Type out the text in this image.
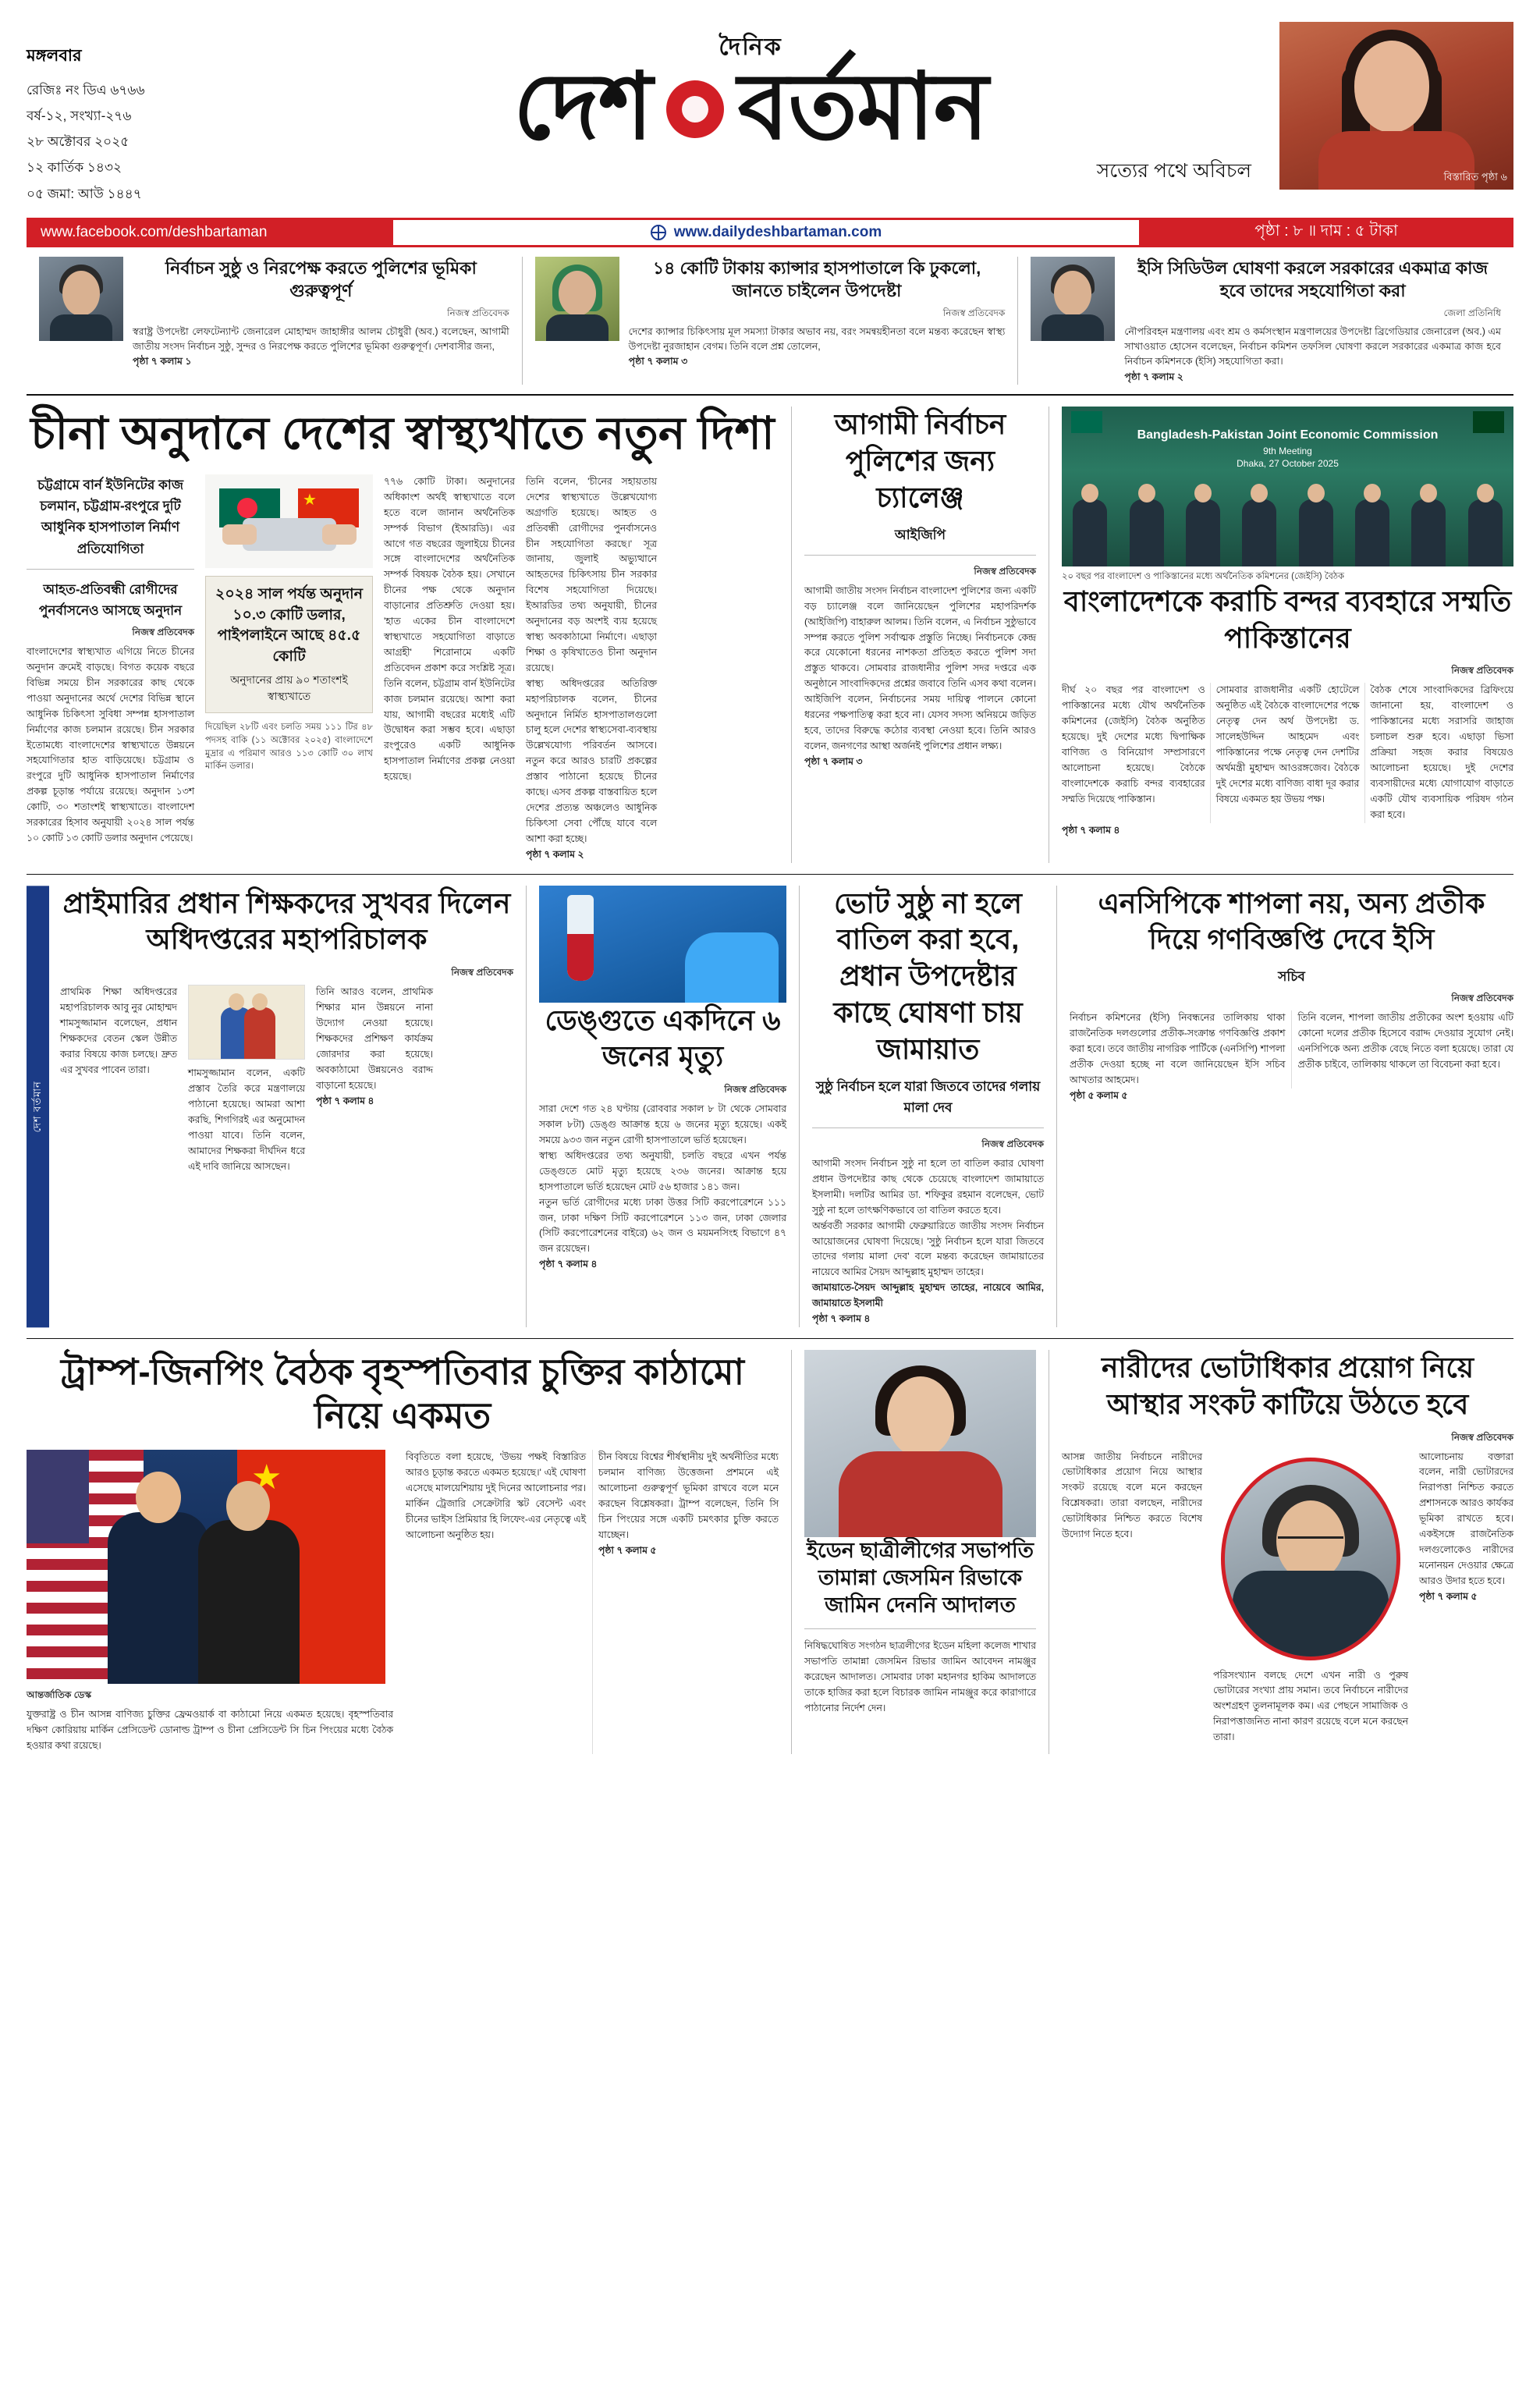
মঙ্গলবার
রেজিঃ নং ডিএ ৬৭৬৬
বর্ষ-১২, সংখ্যা-২৭৬
২৮ অক্টোবর ২০২৫
১২ কার্তিক ১৪৩২
০৫ জমা: আউ ১৪৪৭
দৈনিক
দেশ বর্তমান
সত্যের পথে অবিচল	বিস্তারিত পৃষ্ঠা ৬
www.facebook.com/deshbartaman	www.dailydeshbartaman.com	পৃষ্ঠা : ৮ ॥ দাম : ৫ টাকা
নির্বাচন সুষ্ঠু ও নিরপেক্ষ করতে পুলিশের ভূমিকা গুরুত্বপূর্ণ
নিজস্ব প্রতিবেদক

স্বরাষ্ট্র উপদেষ্টা লেফটেন্যান্ট জেনারেল মোহাম্মদ জাহাঙ্গীর আলম চৌধুরী (অব.) বলেছেন, আগামী জাতীয় সংসদ নির্বাচন সুষ্ঠু, সুন্দর ও নিরপেক্ষ করতে পুলিশের ভূমিকা গুরুত্বপূর্ণ। দেশবাসীর জন্য,

পৃষ্ঠা ৭ কলাম ১

১৪ কোটি টাকায় ক্যান্সার হাসপাতালে কি ঢুকলো, জানতে চাইলেন উপদেষ্টা
নিজস্ব প্রতিবেদক

দেশের ক্যান্সার চিকিৎসায় মূল সমস্যা টাকার অভাব নয়, বরং সমন্বয়হীনতা বলে মন্তব্য করেছেন স্বাস্থ্য উপদেষ্টা নুরজাহান বেগম। তিনি বলে প্রশ্ন তোলেন,

পৃষ্ঠা ৭ কলাম ৩

ইসি সিডিউল ঘোষণা করলে সরকারের একমাত্র কাজ হবে তাদের সহযোগিতা করা
জেলা প্রতিনিধি

নৌপরিবহন মন্ত্রণালয় এবং শ্রম ও কর্মসংস্থান মন্ত্রণালয়ের উপদেষ্টা ব্রিগেডিয়ার জেনারেল (অব.) এম সাখাওয়াত হোসেন বলেছেন, নির্বাচন কমিশন তফসিল ঘোষণা করলে সরকারের একমাত্র কাজ হবে নির্বাচন কমিশনকে (ইসি) সহযোগিতা করা।

পৃষ্ঠা ৭ কলাম ২

চীনা অনুদানে দেশের স্বাস্থ্যখাতে নতুন দিশা
চট্টগ্রামে বার্ন ইউনিটের কাজ চলমান, চট্টগ্রাম-রংপুরে দুটি আধুনিক হাসপাতাল নির্মাণ প্রতিযোগিতা
আহত-প্রতিবন্ধী রোগীদের পুনর্বাসনেও আসছে অনুদান
নিজস্ব প্রতিবেদক
বাংলাদেশের স্বাস্থ্যখাত এগিয়ে নিতে চীনের অনুদান ক্রমেই বাড়ছে। বিগত কয়েক বছরে বিভিন্ন সময়ে চীন সরকারের কাছ থেকে পাওয়া অনুদানের অর্থে দেশের বিভিন্ন স্থানে আধুনিক চিকিৎসা সুবিধা সম্পন্ন হাসপাতাল নির্মাণের কাজ চলমান রয়েছে। চীন সরকার ইতোমধ্যে বাংলাদেশের স্বাস্থ্যখাতে উন্নয়নে সহযোগিতার হাত বাড়িয়েছে। চট্টগ্রাম ও রংপুরে দুটি আধুনিক হাসপাতাল নির্মাণের প্রকল্প চূড়ান্ত পর্যায়ে রয়েছে। অনুদান ১৩শ কোটি, ৩০ শতাংশই স্বাস্থ্যখাতে। বাংলাদেশ সরকারের হিসাব অনুযায়ী ২০২৪ সাল পর্যন্ত ১০ কোটি ১৩ কোটি ডলার অনুদান পেয়েছে।
★
২০২৪ সাল পর্যন্ত অনুদান ১০.৩ কোটি ডলার, পাইপলাইনে আছে ৪৫.৫ কোটি
অনুদানের প্রায় ৯০ শতাংশই স্বাস্থ্যখাতে
দিয়েছিল ২৮টি এবং চলতি সময় ১১১ টির ৪৮ পদসহ বাকি (১১ অক্টোবর ২০২৫) বাংলাদেশে মুদ্রার এ পরিমাণ আরও ১১৩ কোটি ৩০ লাখ মার্কিন ডলার।
৭৭৬ কোটি টাকা। অনুদানের অধিকাংশ অর্থই স্বাস্থ্যখাতে বলে হতে বলে জানান অর্থনৈতিক সম্পর্ক বিভাগ (ইআরডি)। এর আগে গত বছরের জুলাইয়ে চীনের সঙ্গে বাংলাদেশের অর্থনৈতিক সম্পর্ক বিষয়ক বৈঠক হয়। সেখানে চীনের পক্ষ থেকে অনুদান বাড়ানোর প্রতিশ্রুতি দেওয়া হয়। 'হাত একের চীন বাংলাদেশে স্বাস্থ্যখাতে সহযোগিতা বাড়াতে আগ্রহী' শিরোনামে একটি প্রতিবেদন প্রকাশ করে সংশ্লিষ্ট সূত্র। তিনি বলেন, চট্টগ্রাম বার্ন ইউনিটের কাজ চলমান রয়েছে। আশা করা যায়, আগামী বছরের মধ্যেই এটি উদ্বোধন করা সম্ভব হবে। এছাড়া রংপুরেও একটি আধুনিক হাসপাতাল নির্মাণের প্রকল্প নেওয়া হয়েছে।
তিনি বলেন, 'চীনের সহায়তায় দেশের স্বাস্থ্যখাতে উল্লেখযোগ্য অগ্রগতি হয়েছে। আহত ও প্রতিবন্ধী রোগীদের পুনর্বাসনেও চীন সহযোগিতা করছে।' সূত্র জানায়, জুলাই অভ্যুত্থানে আহতদের চিকিৎসায় চীন সরকার বিশেষ সহযোগিতা দিয়েছে। ইআরডির তথ্য অনুযায়ী, চীনের অনুদানের বড় অংশই ব্যয় হয়েছে স্বাস্থ্য অবকাঠামো নির্মাণে। এছাড়া শিক্ষা ও কৃষিখাতেও চীনা অনুদান রয়েছে।
স্বাস্থ্য অধিদপ্তরের অতিরিক্ত মহাপরিচালক বলেন, চীনের অনুদানে নির্মিত হাসপাতালগুলো চালু হলে দেশের স্বাস্থ্যসেবা-ব্যবস্থায় উল্লেখযোগ্য পরিবর্তন আসবে। নতুন করে আরও চারটি প্রকল্পের প্রস্তাব পাঠানো হয়েছে চীনের কাছে। এসব প্রকল্প বাস্তবায়িত হলে দেশের প্রত্যন্ত অঞ্চলেও আধুনিক চিকিৎসা সেবা পৌঁছে যাবে বলে আশা করা হচ্ছে।
পৃষ্ঠা ৭ কলাম ২
আগামী নির্বাচন পুলিশের জন্য চ্যালেঞ্জ
আইজিপি
নিজস্ব প্রতিবেদক
আগামী জাতীয় সংসদ নির্বাচন বাংলাদেশ পুলিশের জন্য একটি বড় চ্যালেঞ্জ বলে জানিয়েছেন পুলিশের মহাপরিদর্শক (আইজিপি) বাহারুল আলম। তিনি বলেন, এ নির্বাচন সুষ্ঠুভাবে সম্পন্ন করতে পুলিশ সর্বাত্মক প্রস্তুতি নিচ্ছে। নির্বাচনকে কেন্দ্র করে যেকোনো ধরনের নাশকতা প্রতিহত করতে পুলিশ সদা প্রস্তুত থাকবে। সোমবার রাজধানীর পুলিশ সদর দপ্তরে এক অনুষ্ঠানে সাংবাদিকদের প্রশ্নের জবাবে তিনি এসব কথা বলেন। আইজিপি বলেন, নির্বাচনের সময় দায়িত্ব পালনে কোনো ধরনের পক্ষপাতিত্ব করা হবে না। যেসব সদস্য অনিয়মে জড়িত হবে, তাদের বিরুদ্ধে কঠোর ব্যবস্থা নেওয়া হবে। তিনি আরও বলেন, জনগণের আস্থা অর্জনই পুলিশের প্রধান লক্ষ্য।
পৃষ্ঠা ৭ কলাম ৩
Bangladesh-Pakistan Joint Economic Commission
9th Meeting
Dhaka, 27 October 2025
২০ বছর পর বাংলাদেশ ও পাকিস্তানের মধ্যে অর্থনৈতিক কমিশনের (জেইসি) বৈঠক
বাংলাদেশকে করাচি বন্দর ব্যবহারে সম্মতি পাকিস্তানের
নিজস্ব প্রতিবেদক
দীর্ঘ ২০ বছর পর বাংলাদেশ ও পাকিস্তানের মধ্যে যৌথ অর্থনৈতিক কমিশনের (জেইসি) বৈঠক অনুষ্ঠিত হয়েছে। দুই দেশের মধ্যে দ্বিপাক্ষিক বাণিজ্য ও বিনিয়োগ সম্প্রসারণে আলোচনা হয়েছে। বৈঠকে বাংলাদেশকে করাচি বন্দর ব্যবহারের সম্মতি দিয়েছে পাকিস্তান।
সোমবার রাজধানীর একটি হোটেলে অনুষ্ঠিত এই বৈঠকে বাংলাদেশের পক্ষে নেতৃত্ব দেন অর্থ উপদেষ্টা ড. সালেহউদ্দিন আহমেদ এবং পাকিস্তানের পক্ষে নেতৃত্ব দেন দেশটির অর্থমন্ত্রী মুহাম্মদ আওরঙ্গজেব। বৈঠকে দুই দেশের মধ্যে বাণিজ্য বাধা দূর করার বিষয়ে একমত হয় উভয় পক্ষ।
বৈঠক শেষে সাংবাদিকদের ব্রিফিংয়ে জানানো হয়, বাংলাদেশ ও পাকিস্তানের মধ্যে সরাসরি জাহাজ চলাচল শুরু হবে। এছাড়া ভিসা প্রক্রিয়া সহজ করার বিষয়েও আলোচনা হয়েছে। দুই দেশের ব্যবসায়ীদের মধ্যে যোগাযোগ বাড়াতে একটি যৌথ ব্যবসায়িক পরিষদ গঠন করা হবে।
পৃষ্ঠা ৭ কলাম ৪
দেশ বর্তমান
প্রাইমারির প্রধান শিক্ষকদের সুখবর দিলেন অধিদপ্তরের মহাপরিচালক
নিজস্ব প্রতিবেদক
প্রাথমিক শিক্ষা অধিদপ্তরের মহাপরিচালক আবু নুর মোহাম্মদ শামসুজ্জামান বলেছেন, প্রধান শিক্ষকদের বেতন স্কেল উন্নীত করার বিষয়ে কাজ চলছে। দ্রুত এর সুখবর পাবেন তারা।	শামসুজ্জামান বলেন, একটি প্রস্তাব তৈরি করে মন্ত্রণালয়ে পাঠানো হয়েছে। আমরা আশা করছি, শিগগিরই এর অনুমোদন পাওয়া যাবে। তিনি বলেন, আমাদের শিক্ষকরা দীর্ঘদিন ধরে এই দাবি জানিয়ে আসছেন।
তিনি আরও বলেন, প্রাথমিক শিক্ষার মান উন্নয়নে নানা উদ্যোগ নেওয়া হয়েছে। শিক্ষকদের প্রশিক্ষণ কার্যক্রম জোরদার করা হয়েছে। অবকাঠামো উন্নয়নেও বরাদ্দ বাড়ানো হয়েছে।
পৃষ্ঠা ৭ কলাম ৪
ডেঙ্গুতে একদিনে ৬ জনের মৃত্যু
নিজস্ব প্রতিবেদক
সারা দেশে গত ২৪ ঘণ্টায় (রোববার সকাল ৮ টা থেকে সোমবার সকাল ৮টা) ডেঙ্গু আক্রান্ত হয়ে ৬ জনের মৃত্যু হয়েছে। একই সময়ে ৯৩৩ জন নতুন রোগী হাসপাতালে ভর্তি হয়েছেন।
স্বাস্থ্য অধিদপ্তরের তথ্য অনুযায়ী, চলতি বছরে এখন পর্যন্ত ডেঙ্গুতে মোট মৃত্যু হয়েছে ২৩৬ জনের। আক্রান্ত হয়ে হাসপাতালে ভর্তি হয়েছেন মোট ৫৬ হাজার ১৪১ জন।
নতুন ভর্তি রোগীদের মধ্যে ঢাকা উত্তর সিটি করপোরেশনে ১১১ জন, ঢাকা দক্ষিণ সিটি করপোরেশনে ১১৩ জন, ঢাকা জেলার (সিটি করপোরেশনের বাইরে) ৬২ জন ও ময়মনসিংহ বিভাগে ৪৭ জন রয়েছেন।
পৃষ্ঠা ৭ কলাম ৪
ভোট সুষ্ঠু না হলে বাতিল করা হবে, প্রধান উপদেষ্টার কাছে ঘোষণা চায় জামায়াত
সুষ্ঠু নির্বাচন হলে যারা জিতবে তাদের গলায় মালা দেব
নিজস্ব প্রতিবেদক
আগামী সংসদ নির্বাচন সুষ্ঠু না হলে তা বাতিল করার ঘোষণা প্রধান উপদেষ্টার কাছ থেকে চেয়েছে বাংলাদেশ জামায়াতে ইসলামী। দলটির আমির ডা. শফিকুর রহমান বলেছেন, ভোট সুষ্ঠু না হলে তাৎক্ষণিকভাবে তা বাতিল করতে হবে।
অর্ন্তবর্তী সরকার আগামী ফেব্রুয়ারিতে জাতীয় সংসদ নির্বাচন আয়োজনের ঘোষণা দিয়েছে। 'সুষ্ঠু নির্বাচন হলে যারা জিতবে তাদের গলায় মালা দেব' বলে মন্তব্য করেছেন জামায়াতের নায়েবে আমির সৈয়দ আব্দুল্লাহ মুহাম্মদ তাহের।
জামায়াতে-সৈয়দ আব্দুল্লাহ মুহাম্মদ তাহের, নায়েবে আমির, জামায়াতে ইসলামী
পৃষ্ঠা ৭ কলাম ৪
এনসিপিকে শাপলা নয়, অন্য প্রতীক দিয়ে গণবিজ্ঞপ্তি দেবে ইসি
সচিব
নিজস্ব প্রতিবেদক
নির্বাচন কমিশনের (ইসি) নিবন্ধনের তালিকায় থাকা রাজনৈতিক দলগুলোর প্রতীক-সংক্রান্ত গণবিজ্ঞপ্তি প্রকাশ করা হবে। তবে জাতীয় নাগরিক পার্টিকে (এনসিপি) শাপলা প্রতীক দেওয়া হচ্ছে না বলে জানিয়েছেন ইসি সচিব আখতার আহমেদ।
তিনি বলেন, শাপলা জাতীয় প্রতীকের অংশ হওয়ায় এটি কোনো দলের প্রতীক হিসেবে বরাদ্দ দেওয়ার সুযোগ নেই। এনসিপিকে অন্য প্রতীক বেছে নিতে বলা হয়েছে। তারা যে প্রতীক চাইবে, তালিকায় থাকলে তা বিবেচনা করা হবে।
পৃষ্ঠা ৫ কলাম ৫
ট্রাম্প-জিনপিং বৈঠক বৃহস্পতিবার চুক্তির কাঠামো নিয়ে একমত
★
আন্তর্জাতিক ডেস্ক
যুক্তরাষ্ট্র ও চীন আসন্ন বাণিজ্য চুক্তির ফ্রেমওয়ার্ক বা কাঠামো নিয়ে একমত হয়েছে। বৃহস্পতিবার দক্ষিণ কোরিয়ায় মার্কিন প্রেসিডেন্ট ডোনাল্ড ট্রাম্প ও চীনা প্রেসিডেন্ট সি চিন পিংয়ের মধ্যে বৈঠক হওয়ার কথা রয়েছে।
বিবৃতিতে বলা হয়েছে, 'উভয় পক্ষই বিস্তারিত আরও চূড়ান্ত করতে একমত হয়েছে।' এই ঘোষণা এসেছে মালয়েশিয়ায় দুই দিনের আলোচনার পর। মার্কিন ট্রেজারি সেক্রেটারি স্কট বেসেন্ট এবং চীনের ভাইস প্রিমিয়ার হি লিফেং-এর নেতৃত্বে এই আলোচনা অনুষ্ঠিত হয়।
চীন বিষয়ে বিশ্বের শীর্ষস্থানীয় দুই অর্থনীতির মধ্যে চলমান বাণিজ্য উত্তেজনা প্রশমনে এই আলোচনা গুরুত্বপূর্ণ ভূমিকা রাখবে বলে মনে করছেন বিশ্লেষকরা। ট্রাম্প বলেছেন, তিনি সি চিন পিংয়ের সঙ্গে একটি চমৎকার চুক্তি করতে যাচ্ছেন।
পৃষ্ঠা ৭ কলাম ৫	ইডেন ছাত্রীলীগের সভাপতি তামান্না জেসমিন রিভাকে জামিন দেননি আদালত
নিষিদ্ধঘোষিত সংগঠন ছাত্রলীগের ইডেন মহিলা কলেজ শাখার সভাপতি তামান্না জেসমিন রিভার জামিন আবেদন নামঞ্জুর করেছেন আদালত। সোমবার ঢাকা মহানগর হাকিম আদালতে তাকে হাজির করা হলে বিচারক জামিন নামঞ্জুর করে কারাগারে পাঠানোর নির্দেশ দেন।
নারীদের ভোটাধিকার প্রয়োগ নিয়ে আস্থার সংকট কাটিয়ে উঠতে হবে
নিজস্ব প্রতিবেদক
আসন্ন জাতীয় নির্বাচনে নারীদের ভোটাধিকার প্রয়োগ নিয়ে আস্থার সংকট রয়েছে বলে মনে করছেন বিশ্লেষকরা। তারা বলছেন, নারীদের ভোটাধিকার নিশ্চিত করতে বিশেষ উদ্যোগ নিতে হবে।
পরিসংখ্যান বলছে দেশে এখন নারী ও পুরুষ ভোটারের সংখ্যা প্রায় সমান। তবে নির্বাচনে নারীদের অংশগ্রহণ তুলনামূলক কম। এর পেছনে সামাজিক ও নিরাপত্তাজনিত নানা কারণ রয়েছে বলে মনে করছেন তারা।
আলোচনায় বক্তারা বলেন, নারী ভোটারদের নিরাপত্তা নিশ্চিত করতে প্রশাসনকে আরও কার্যকর ভূমিকা রাখতে হবে। একইসঙ্গে রাজনৈতিক দলগুলোকেও নারীদের মনোনয়ন দেওয়ার ক্ষেত্রে আরও উদার হতে হবে।
পৃষ্ঠা ৭ কলাম ৫
